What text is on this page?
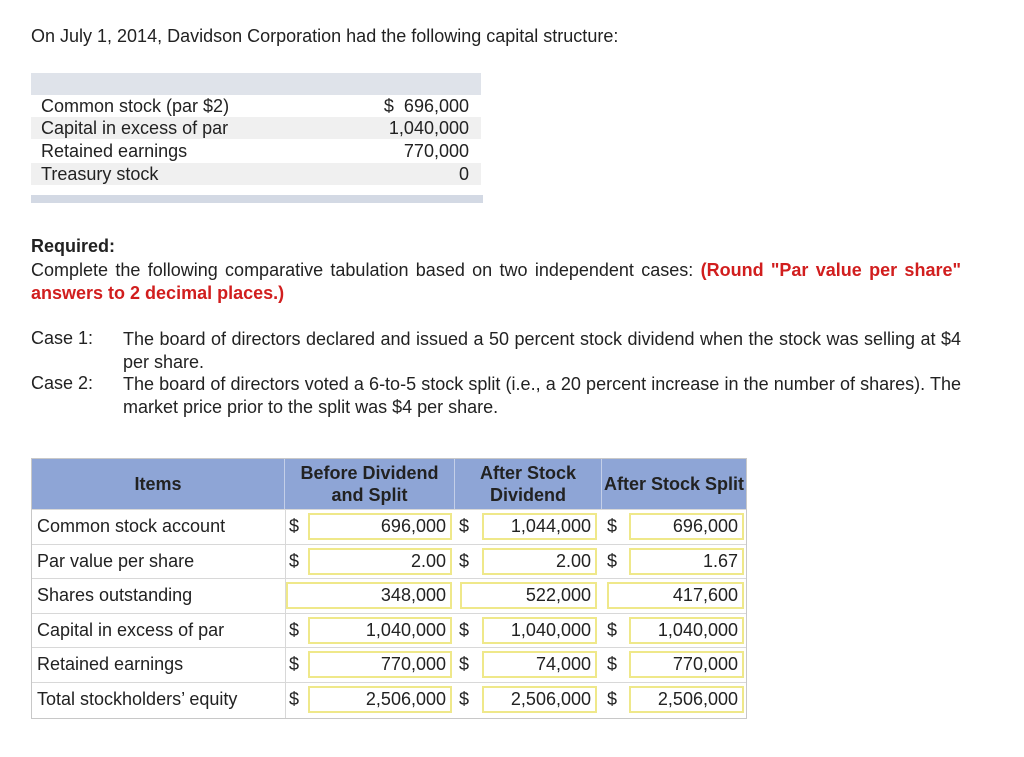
On July 1, 2014, Davidson Corporation had the following capital structure:
Common stock (par $2)	$  696,000
Capital in excess of par	1,040,000
Retained earnings	770,000
Treasury stock	0
Required:
Complete the following comparative tabulation based on two independent cases: (Round "Par value per share" answers to 2 decimal places.)
Case 1: The board of directors declared and issued a 50 percent stock dividend when the stock was selling at $4 per share.
Case 2: The board of directors voted a 6-to-5 stock split (i.e., a 20 percent increase in the number of shares). The market price prior to the split was $4 per share.
Items
Before Dividend and Split
After Stock Dividend
After Stock Split
Common stock account	$	696,000 $	1,044,000 $	696,000
Par value per share	$	2.00 $	2.00 $	1.67
Shares outstanding	348,000	522,000	417,600
Capital in excess of par	$	1,040,000 $	1,040,000 $	1,040,000
Retained earnings	$	770,000 $	74,000 $	770,000
Total stockholders’ equity	$	2,506,000 $	2,506,000 $	2,506,000
